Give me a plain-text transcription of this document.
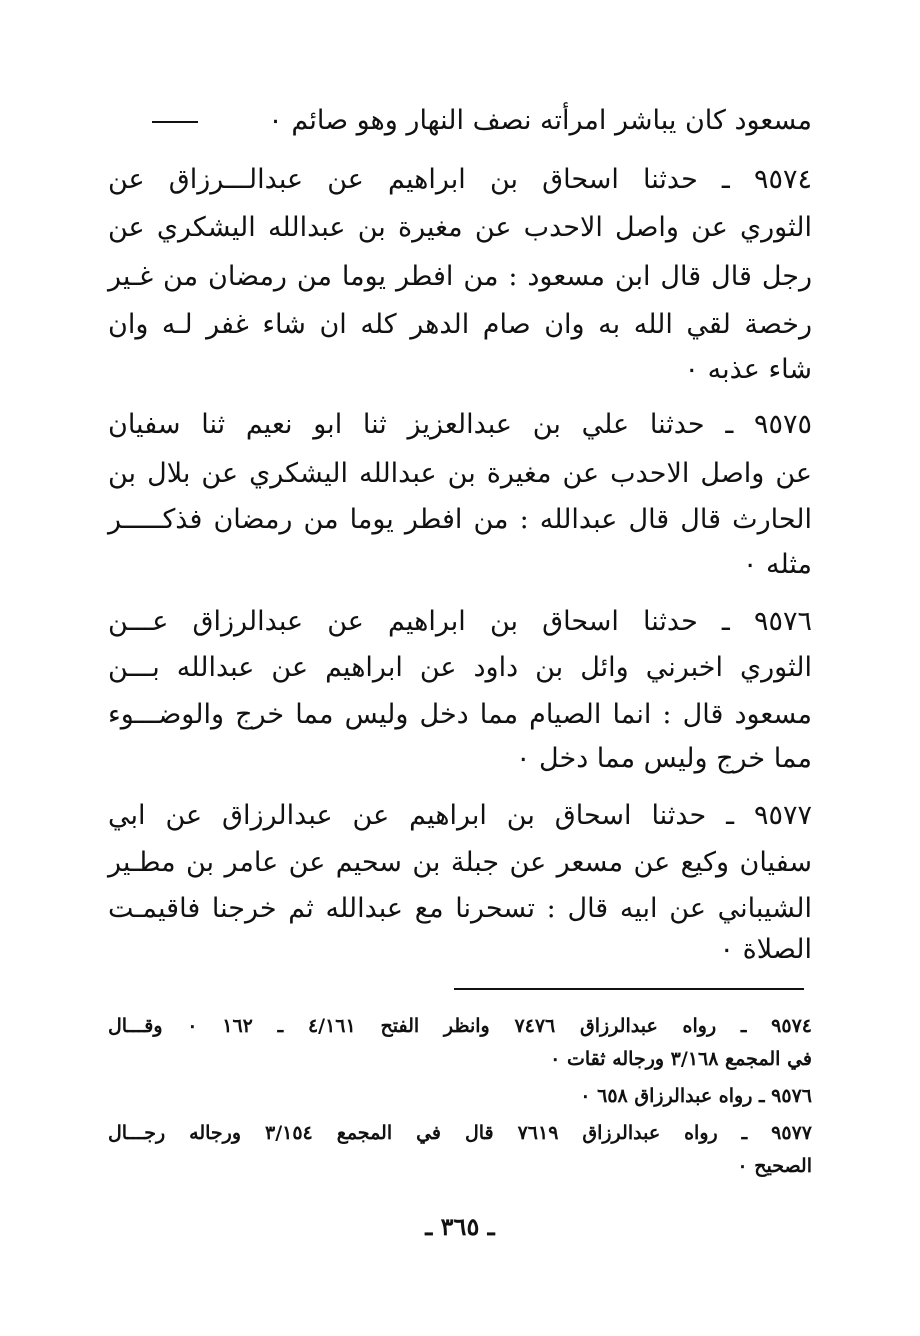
مسعود كان يباشر امرأته نصف النهار وهو صائم ٠
٩٥٧٤ ـ حدثنا اسحاق بن ابراهيم عن عبدالـــرزاق عن
الثوري عن واصل الاحدب عن مغيرة بن عبدالله اليشكري عن
رجل قال قال ابن مسعود : من افطر يوما من رمضان من غـير
رخصة لقي الله به وان صام الدهر كله ان شاء غفر لـه وان
شاء عذبه ٠
٩٥٧٥ ـ حدثنا علي بن عبدالعزيز ثنا ابو نعيم ثنا سفيان
عن واصل الاحدب عن مغيرة بن عبدالله اليشكري عن بلال بن
الحارث قال قال عبدالله : من افطر يوما من رمضان فذكـــــر
مثله ٠
٩٥٧٦ ـ حدثنا اسحاق بن ابراهيم عن عبدالرزاق عـــن
الثوري اخبرني وائل بن داود عن ابراهيم عن عبدالله بـــن
مسعود قال : انما الصيام مما دخل وليس مما خرج والوضـــوء
مما خرج وليس مما دخل ٠
٩٥٧٧ ـ حدثنا اسحاق بن ابراهيم عن عبدالرزاق عن ابي
سفيان وكيع عن مسعر عن جبلة بن سحيم عن عامر بن مطـير
الشيباني عن ابيه قال : تسحرنا مع عبدالله ثم خرجنا فاقيمـت
الصلاة ٠
٩٥٧٤ ـ رواه عبدالرزاق ٧٤٧٦ وانظر الفتح ٤/١٦١ ـ ١٦٢ ٠ وقـــال
في المجمع ٣/١٦٨ ورجاله ثقات ٠
٩٥٧٦ ـ رواه عبدالرزاق ٦٥٨ ٠
٩٥٧٧ ـ رواه عبدالرزاق ٧٦١٩ قال في المجمع ٣/١٥٤ ورجاله رجـــال
الصحيح ٠
ـ ٣٦٥ ـ
